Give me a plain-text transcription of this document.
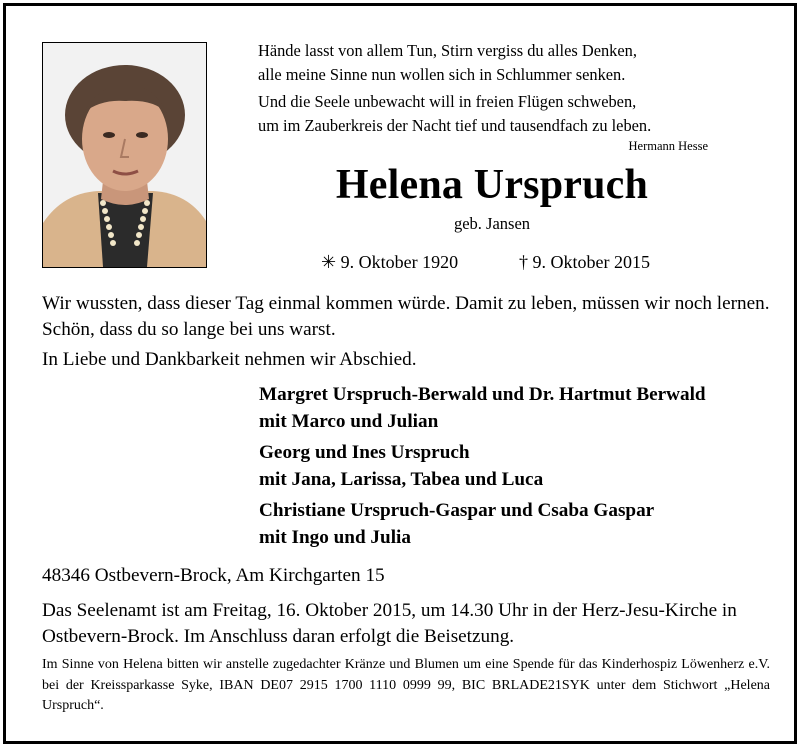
Hände lasst von allem Tun, Stirn vergiss du alles Denken,
alle meine Sinne nun wollen sich in Schlummer senken.

Und die Seele unbewacht will in freien Flügen schweben,
um im Zauberkreis der Nacht tief und tausendfach zu leben.

Hermann Hesse
Helena Urspruch
geb. Jansen
✳ 9. Oktober 1920	† 9. Oktober 2015
Wir wussten, dass dieser Tag einmal kommen würde. Damit zu leben, müssen wir noch lernen. Schön, dass du so lange bei uns warst.
In Liebe und Dankbarkeit nehmen wir Abschied.

Margret Urspruch-Berwald und Dr. Hartmut Berwald
mit Marco und Julian

Georg und Ines Urspruch
mit Jana, Larissa, Tabea und Luca

Christiane Urspruch-Gaspar und Csaba Gaspar
mit Ingo und Julia

48346 Ostbevern-Brock, Am Kirchgarten 15
Das Seelenamt ist am Freitag, 16. Oktober 2015, um 14.30 Uhr in der Herz-Jesu-Kirche in Ostbevern-Brock. Im Anschluss daran erfolgt die Beisetzung.
Im Sinne von Helena bitten wir anstelle zugedachter Kränze und Blumen um eine Spende für das Kinderhospiz Löwenherz e.V. bei der Kreissparkasse Syke, IBAN DE07 2915 1700 1110 0999 99, BIC BRLADE21SYK unter dem Stichwort „Helena Urspruch“.
